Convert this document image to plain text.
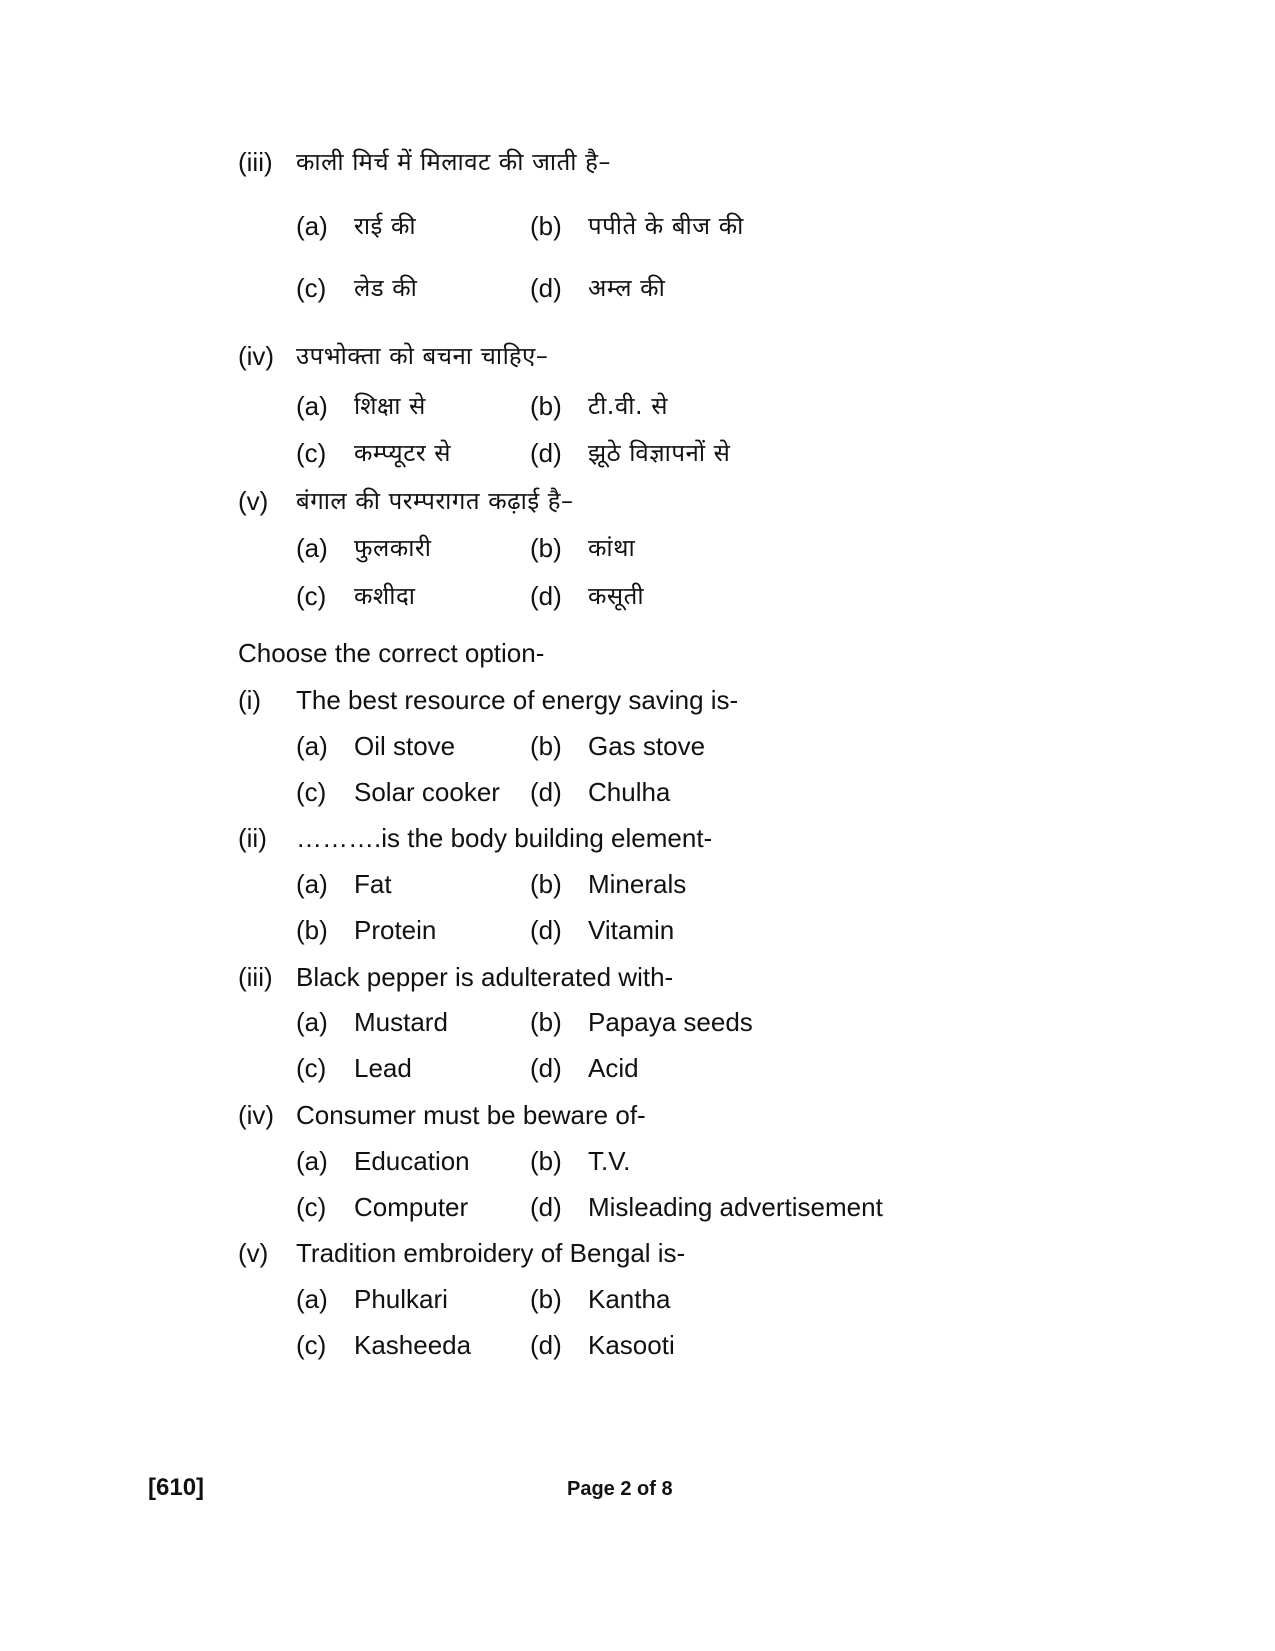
(iii) काली मिर्च में मिलावट की जाती है–
(a) राई की	(b) पपीते के बीज की
(c) लेड की	(d) अम्ल की
(iv) उपभोक्ता को बचना चाहिए–
(a) शिक्षा से	(b) टी.वी. से
(c) कम्प्यूटर से	(d) झूठे विज्ञापनों से
(v) बंगाल की परम्परागत कढ़ाई है–
(a) फुलकारी	(b) कांथा
(c) कशीदा	(d) कसूती
Choose the correct option-
(i) The best resource of energy saving is-
(a) Oil stove	(b) Gas stove
(c) Solar cooker (d) Chulha
(ii) ……….is the body building element-
(a) Fat	(b) Minerals
(b) Protein	(d) Vitamin
(iii) Black pepper is adulterated with-
(a) Mustard	(b) Papaya seeds
(c) Lead	(d) Acid
(iv) Consumer must be beware of-
(a) Education (b) T.V.
(c) Computer (d) Misleading advertisement
(v) Tradition embroidery of Bengal is-
(a) Phulkari	(b) Kantha
(c) Kasheeda (d) Kasooti
[610]	Page 2 of 8
